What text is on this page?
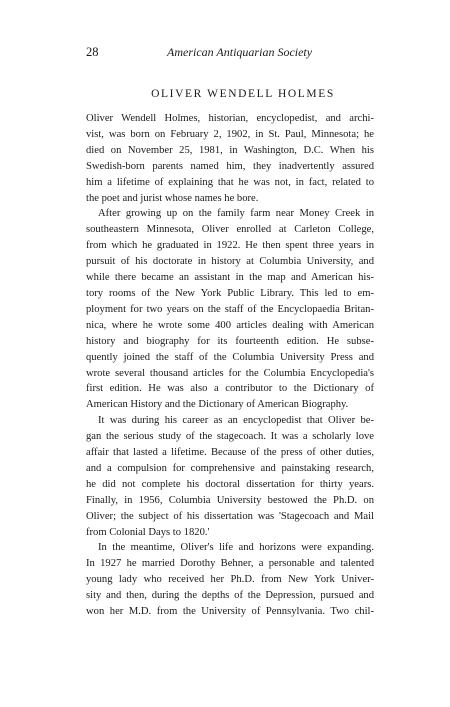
28	American Antiquarian Society
OLIVER WENDELL HOLMES
Oliver Wendell Holmes, historian, encyclopedist, and archi-
vist, was born on February 2, 1902, in St. Paul, Minnesota; he
died on November 25, 1981, in Washington, D.C. When his
Swedish-born parents named him, they inadvertently assured
him a lifetime of explaining that he was not, in fact, related to
the poet and jurist whose names he bore.
After growing up on the family farm near Money Creek in
southeastern Minnesota, Oliver enrolled at Carleton College,
from which he graduated in 1922. He then spent three years in
pursuit of his doctorate in history at Columbia University, and
while there became an assistant in the map and American his-
tory rooms of the New York Public Library. This led to em-
ployment for two years on the staff of the Encyclopaedia Britan-
nica, where he wrote some 400 articles dealing with American
history and biography for its fourteenth edition. He subse-
quently joined the staff of the Columbia University Press and
wrote several thousand articles for the Columbia Encyclopedia's
first edition. He was also a contributor to the Dictionary of
American History and the Dictionary of American Biography.
It was during his career as an encyclopedist that Oliver be-
gan the serious study of the stagecoach. It was a scholarly love
affair that lasted a lifetime. Because of the press of other duties,
and a compulsion for comprehensive and painstaking research,
he did not complete his doctoral dissertation for thirty years.
Finally, in 1956, Columbia University bestowed the Ph.D. on
Oliver; the subject of his dissertation was 'Stagecoach and Mail
from Colonial Days to 1820.'
In the meantime, Oliver's life and horizons were expanding.
In 1927 he married Dorothy Behner, a personable and talented
young lady who received her Ph.D. from New York Univer-
sity and then, during the depths of the Depression, pursued and
won her M.D. from the University of Pennsylvania. Two chil-
